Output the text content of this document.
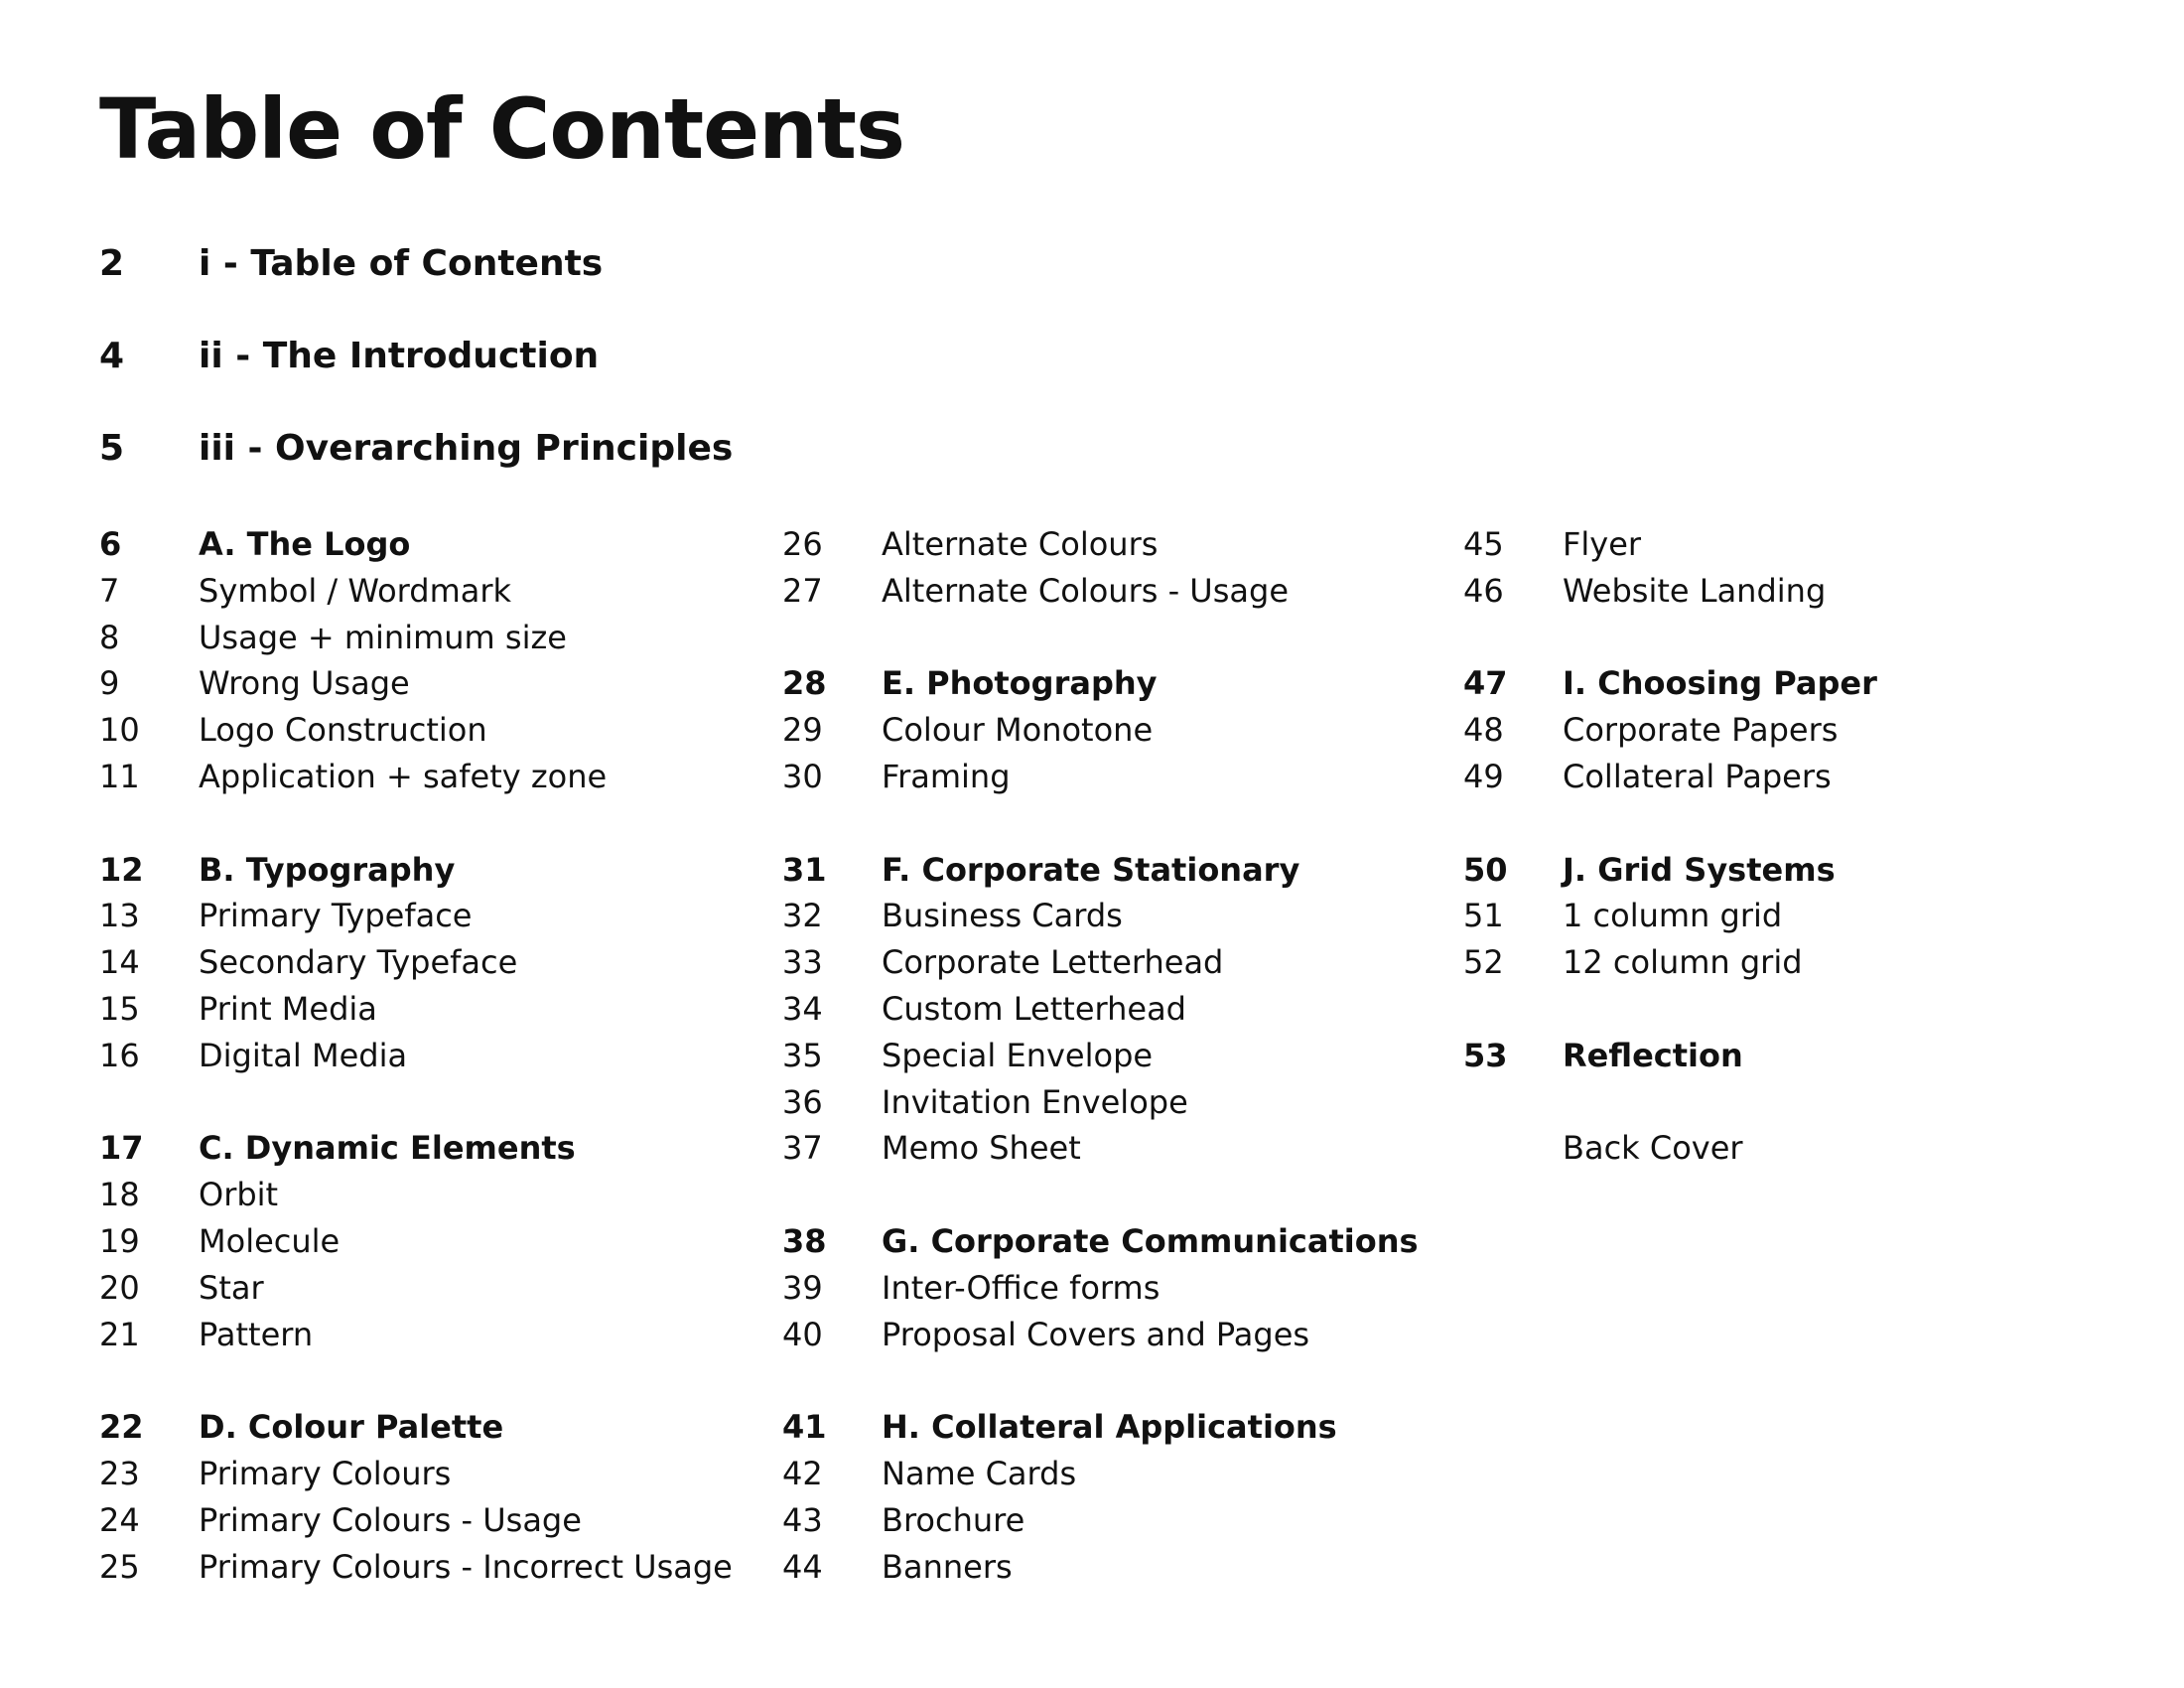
Table of Contents
2 i - Table of Contents
4 ii - The Introduction
5 iii - Overarching Principles
6 A. The Logo
7 Symbol / Wordmark
8 Usage + minimum size
9 Wrong Usage
10 Logo Construction
11 Application + safety zone
12 B. Typography
13 Primary Typeface
14 Secondary Typeface
15 Print Media
16 Digital Media
17 C. Dynamic Elements
18 Orbit
19 Molecule
20 Star
21 Pattern
22 D. Colour Palette
23 Primary Colours
24 Primary Colours - Usage
25 Primary Colours - Incorrect Usage
26 Alternate Colours
27 Alternate Colours - Usage
28 E. Photography
29 Colour Monotone
30 Framing
31 F. Corporate Stationary
32 Business Cards
33 Corporate Letterhead
34 Custom Letterhead
35 Special Envelope
36 Invitation Envelope
37 Memo Sheet
38 G. Corporate Communications
39 Inter-Office forms
40 Proposal Covers and Pages
41 H. Collateral Applications
42 Name Cards
43 Brochure
44 Banners
45 Flyer
46 Website Landing
47 I. Choosing Paper
48 Corporate Papers
49 Collateral Papers
50 J. Grid Systems
51 1 column grid
52 12 column grid
53 Reflection
Back Cover
